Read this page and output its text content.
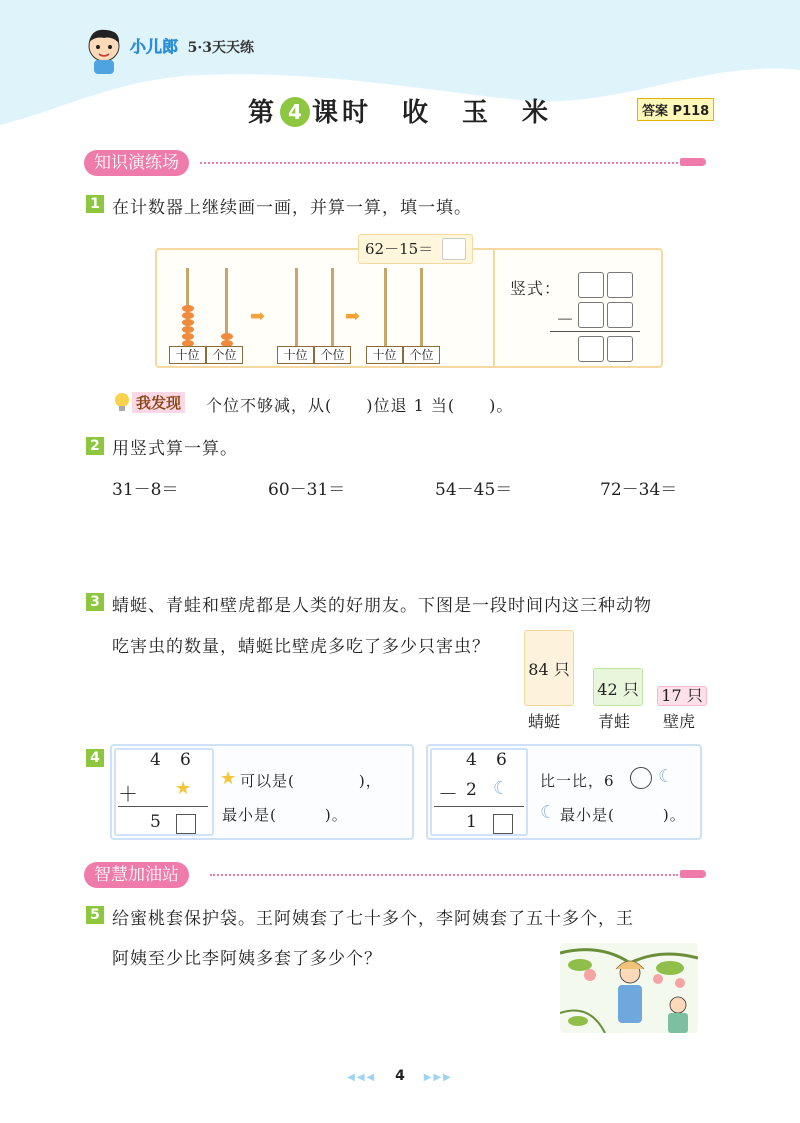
小儿郎 5·3天天练
第 4 课时　收　玉　米	答案 P118
知识演练场
1 在计数器上继续画一画，并算一算，填一填。
62－15＝
十位	个位
➡
十位	个位
➡
十位	个位
竖式：
－
我发现 个位不够减，从(　　)位退 1 当(　　)。
2 用竖式算一算。
31－8＝	60－31＝	54－45＝	72－34＝
3 蜻蜓、青蛙和壁虎都是人类的好朋友。下图是一段时间内这三种动物
吃害虫的数量，蜻蜓比壁虎多吃了多少只害虫？
84 只
42 只 17 只
蜻蜓 青蛙 壁虎
4	4 6
＋ ★
5
★ 可以是(　　　　)，
最小是(　　　)。
4 6
－ 2 ☾
1
比一比，6 ☾
☾ 最小是(　　　)。
智慧加油站
5 给蜜桃套保护袋。王阿姨套了七十多个，李阿姨套了五十多个，王
阿姨至少比李阿姨多套了多少个？
◀◀◀ 4 ▶▶▶
